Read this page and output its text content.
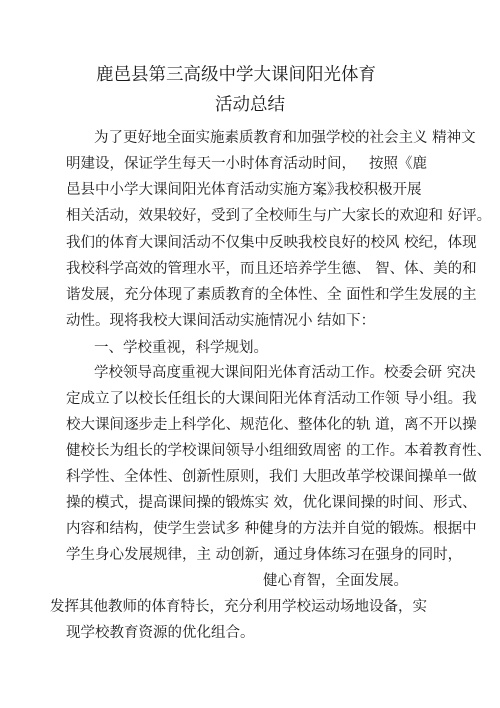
鹿邑县第三高级中学大课间阳光体育
活动总结
为了更好地全面实施素质教育和加强学校的社会主义 精神文
明建设，保证学生每天一小时体育活动时间， 按照《鹿
邑县中小学大课间阳光体育活动实施方案》
，我校积极开展
相关活动，效果较好，受到了全校师生与广大家长的欢迎和 好评。
我们的体育大课间活动不仅集中反映我校良好的校风 校纪，体现
我校科学高效的管理水平，而且还培养学生德、 智、体、美的和
谐发展，充分体现了素质教育的全体性、全 面性和学生发展的主
动性。现将我校大课间活动实施情况小 结如下：
一、学校重视，科学规划。
学校领导高度重视大课间阳光体育活动工作。校委会研 究决
定成立了以校长任组长的大课间阳光体育活动工作领 导小组。我
校大课间逐步走上科学化、规范化、整体化的轨 道，离不开以操
健校长为组长的学校课间领导小组细致周密 的工作。本着教育性、
科学性、全体性、创新性原则，我们 大胆改革学校课间操单一做
操的模式，提高课间操的锻炼实 效，优化课间操的时间、形式、
内容和结构，使学生尝试多 种健身的方法并自觉的锻炼。根据中
学生身心发展规律，主 动创新，通过身体练习在强身的同时，
健心育智，全面发展。
发挥其他教师的体育特长，充分利用学校运动场地设备，实
现学校教育资源的优化组合。
